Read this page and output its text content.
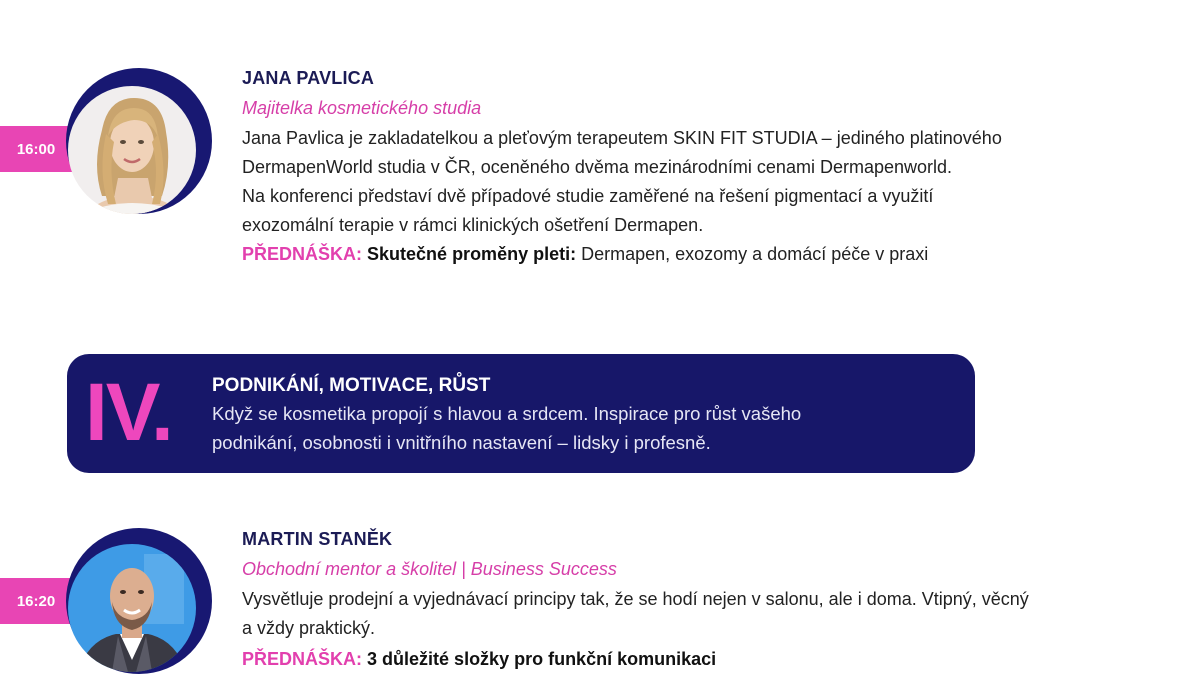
16:00
JANA PAVLICA
Majitelka kosmetického studia
Jana Pavlica je zakladatelkou a pleťovým terapeutem SKIN FIT STUDIA – jediného platinového
DermapenWorld studia v ČR, oceněného dvěma mezinárodními cenami Dermapenworld.
Na konferenci představí dvě případové studie zaměřené na řešení pigmentací a využití
exozomální terapie v rámci klinických ošetření Dermapen.
PŘEDNÁŠKA: Skutečné proměny pleti: Dermapen, exozomy a domácí péče v praxi
IV. PODNIKÁNÍ, MOTIVACE, RŮST
Když se kosmetika propojí s hlavou a srdcem. Inspirace pro růst vašeho
podnikání, osobnosti i vnitřního nastavení – lidsky i profesně.
16:20
MARTIN STANĚK
Obchodní mentor a školitel | Business Success
Vysvětluje prodejní a vyjednávací principy tak, že se hodí nejen v salonu, ale i doma. Vtipný, věcný
a vždy praktický.
PŘEDNÁŠKA: 3 důležité složky pro funkční komunikaci
